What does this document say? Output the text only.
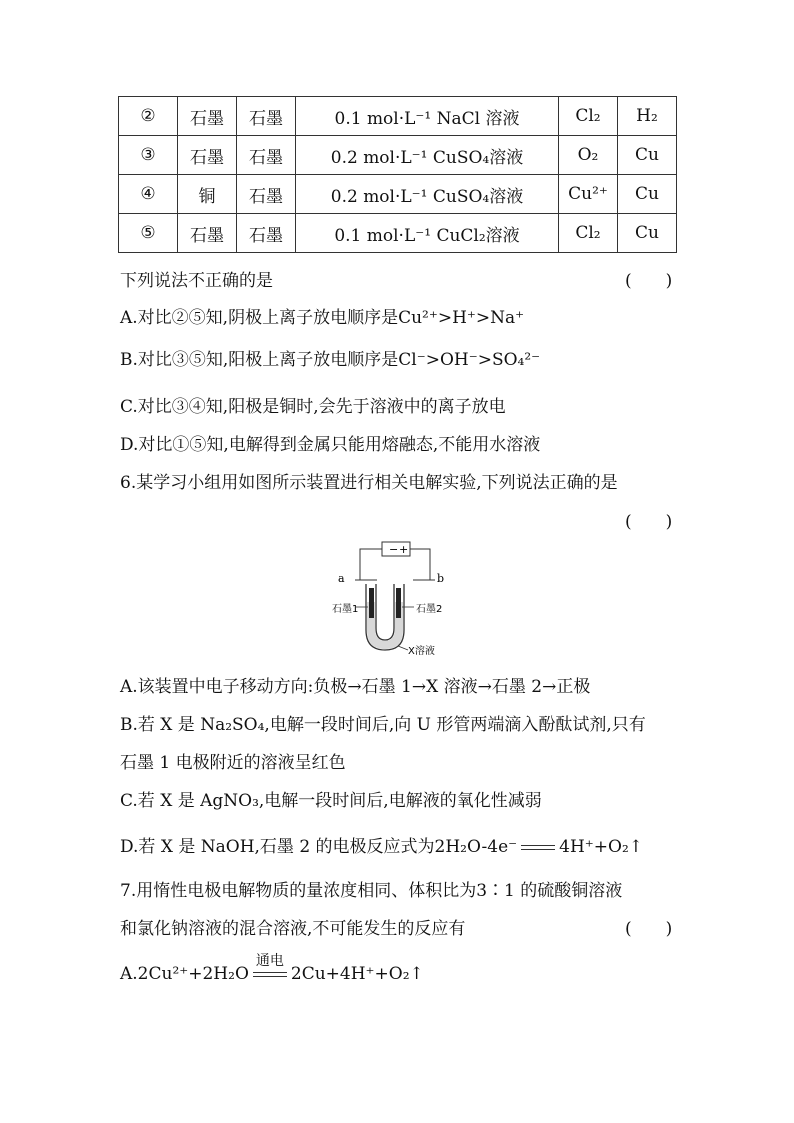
②	石墨	石墨	0.1 mol·L⁻¹ NaCl 溶液	Cl₂	H₂
③	石墨	石墨	0.2 mol·L⁻¹ CuSO₄溶液	O₂	Cu
④	铜	石墨	0.2 mol·L⁻¹ CuSO₄溶液	Cu²⁺	Cu
⑤	石墨	石墨	0.1 mol·L⁻¹ CuCl₂溶液	Cl₂	Cu
下列说法不正确的是	(　　)
A.对比②⑤知,阴极上离子放电顺序是Cu²⁺>H⁺>Na⁺
B.对比③⑤知,阳极上离子放电顺序是Cl⁻>OH⁻>SO₄²⁻
C.对比③④知,阳极是铜时,会先于溶液中的离子放电
D.对比①⑤知,电解得到金属只能用熔融态,不能用水溶液
6.某学习小组用如图所示装置进行相关电解实验,下列说法正确的是
(　　)
− +
a	b
石墨1	石墨2
X溶液
A.该装置中电子移动方向:负极→石墨 1→X 溶液→石墨 2→正极
B.若 X 是 Na₂SO₄,电解一段时间后,向 U 形管两端滴入酚酞试剂,只有
石墨 1 电极附近的溶液呈红色
C.若 X 是 AgNO₃,电解一段时间后,电解液的氧化性减弱
D.若 X 是 NaOH,石墨 2 的电极反应式为2H₂O-4e⁻ 4H⁺+O₂↑
7.用惰性电极电解物质的量浓度相同、体积比为3∶1 的硫酸铜溶液
和氯化钠溶液的混合溶液,不可能发生的反应有	(　　)
A.2Cu²⁺+2H₂O
通电
2Cu+4H⁺+O₂↑
